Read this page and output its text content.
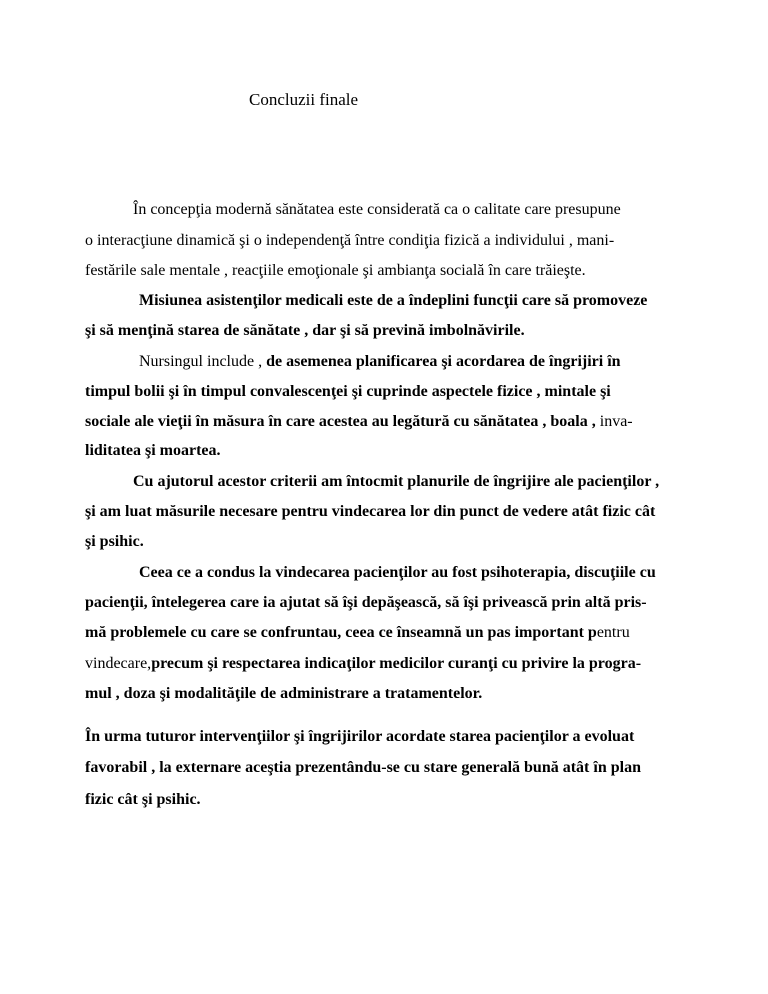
Concluzii finale
În concepţia modernă sănătatea este considerată ca o calitate care presupune
o interacţiune dinamică şi o independenţă între condiţia fizică a individului , mani-
festările sale mentale , reacţiile emoţionale şi ambianţa socială în care trăieşte.
Misiunea asistenţilor medicali este de a îndeplini funcţii care să promoveze
şi să menţină starea de sănătate , dar şi să prevină imbolnăvirile.
Nursingul include , de asemenea planificarea şi acordarea de îngrijiri în
timpul bolii şi în timpul convalescenţei şi cuprinde aspectele fizice , mintale şi
sociale ale vieţii în măsura în care acestea au legătură cu sănătatea , boala , inva-
liditatea şi moartea.
Cu ajutorul acestor criterii am întocmit planurile de îngrijire ale pacienţilor ,
şi am luat măsurile necesare pentru vindecarea lor din punct de vedere atât fizic cât
şi psihic.
Ceea ce a condus la vindecarea pacienţilor au fost psihoterapia, discuţiile cu
pacienţii, întelegerea care ia ajutat să îşi depăşească, să îşi privească prin altă pris-
mă problemele cu care se confruntau, ceea ce înseamnă un pas important pentru
vindecare,precum şi respectarea indicaţilor medicilor curanţi cu privire la progra-
mul , doza şi modalităţile de administrare a tratamentelor.
În urma tuturor intervenţiilor şi îngrijirilor acordate starea pacienţilor a evoluat
favorabil , la externare aceştia prezentându-se cu stare generală bună atât în plan
fizic cât şi psihic.
